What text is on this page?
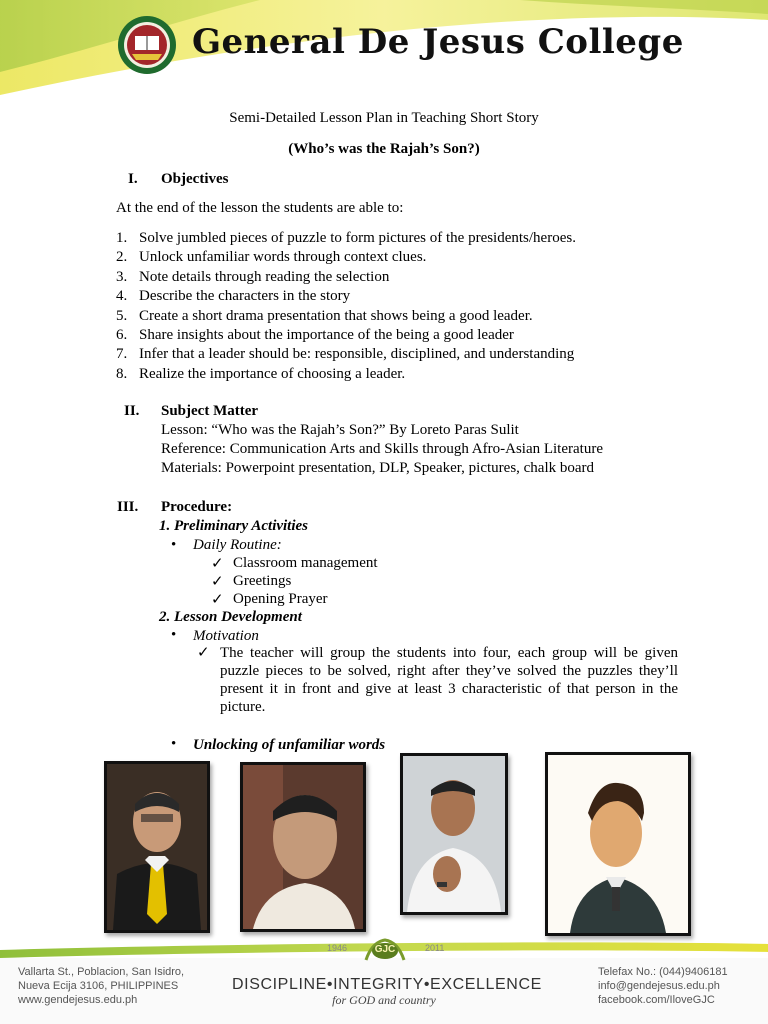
General De Jesus College
Semi-Detailed Lesson Plan in Teaching Short Story
(Who’s was the Rajah’s Son?)
I. Objectives
At the end of the lesson the students are able to:
1. Solve jumbled pieces of puzzle to form pictures of the presidents/heroes.
2. Unlock unfamiliar words through context clues.
3. Note details through reading the selection
4. Describe the characters in the story
5. Create a short drama presentation that shows being a good leader.
6. Share insights about the importance of the being a good leader
7. Infer that a leader should be: responsible, disciplined, and understanding
8. Realize the importance of choosing a leader.
II. Subject Matter
Lesson: “Who was the Rajah’s Son?” By Loreto Paras Sulit
Reference: Communication Arts and Skills through Afro-Asian Literature
Materials: Powerpoint presentation, DLP, Speaker, pictures, chalk board
III. Procedure:
1. Preliminary Activities
• Daily Routine:
✓ Classroom management
✓ Greetings
✓ Opening Prayer
2. Lesson Development
• Motivation
✓ The teacher will group the students into four, each group will be given puzzle pieces to be solved, right after they’ve solved the puzzles they’ll present it in front and give at least 3 characteristic of that person in the picture.
• Unlocking of unfamiliar words
1946	2011
GJC
Vallarta St., Poblacion, San Isidro,
Nueva Ecija 3106, PHILIPPINES
www.gendejesus.edu.ph
DISCIPLINE•INTEGRITY•EXCELLENCE
for GOD and country
Telefax No.: (044)9406181
info@gendejesus.edu.ph
facebook.com/IloveGJC
